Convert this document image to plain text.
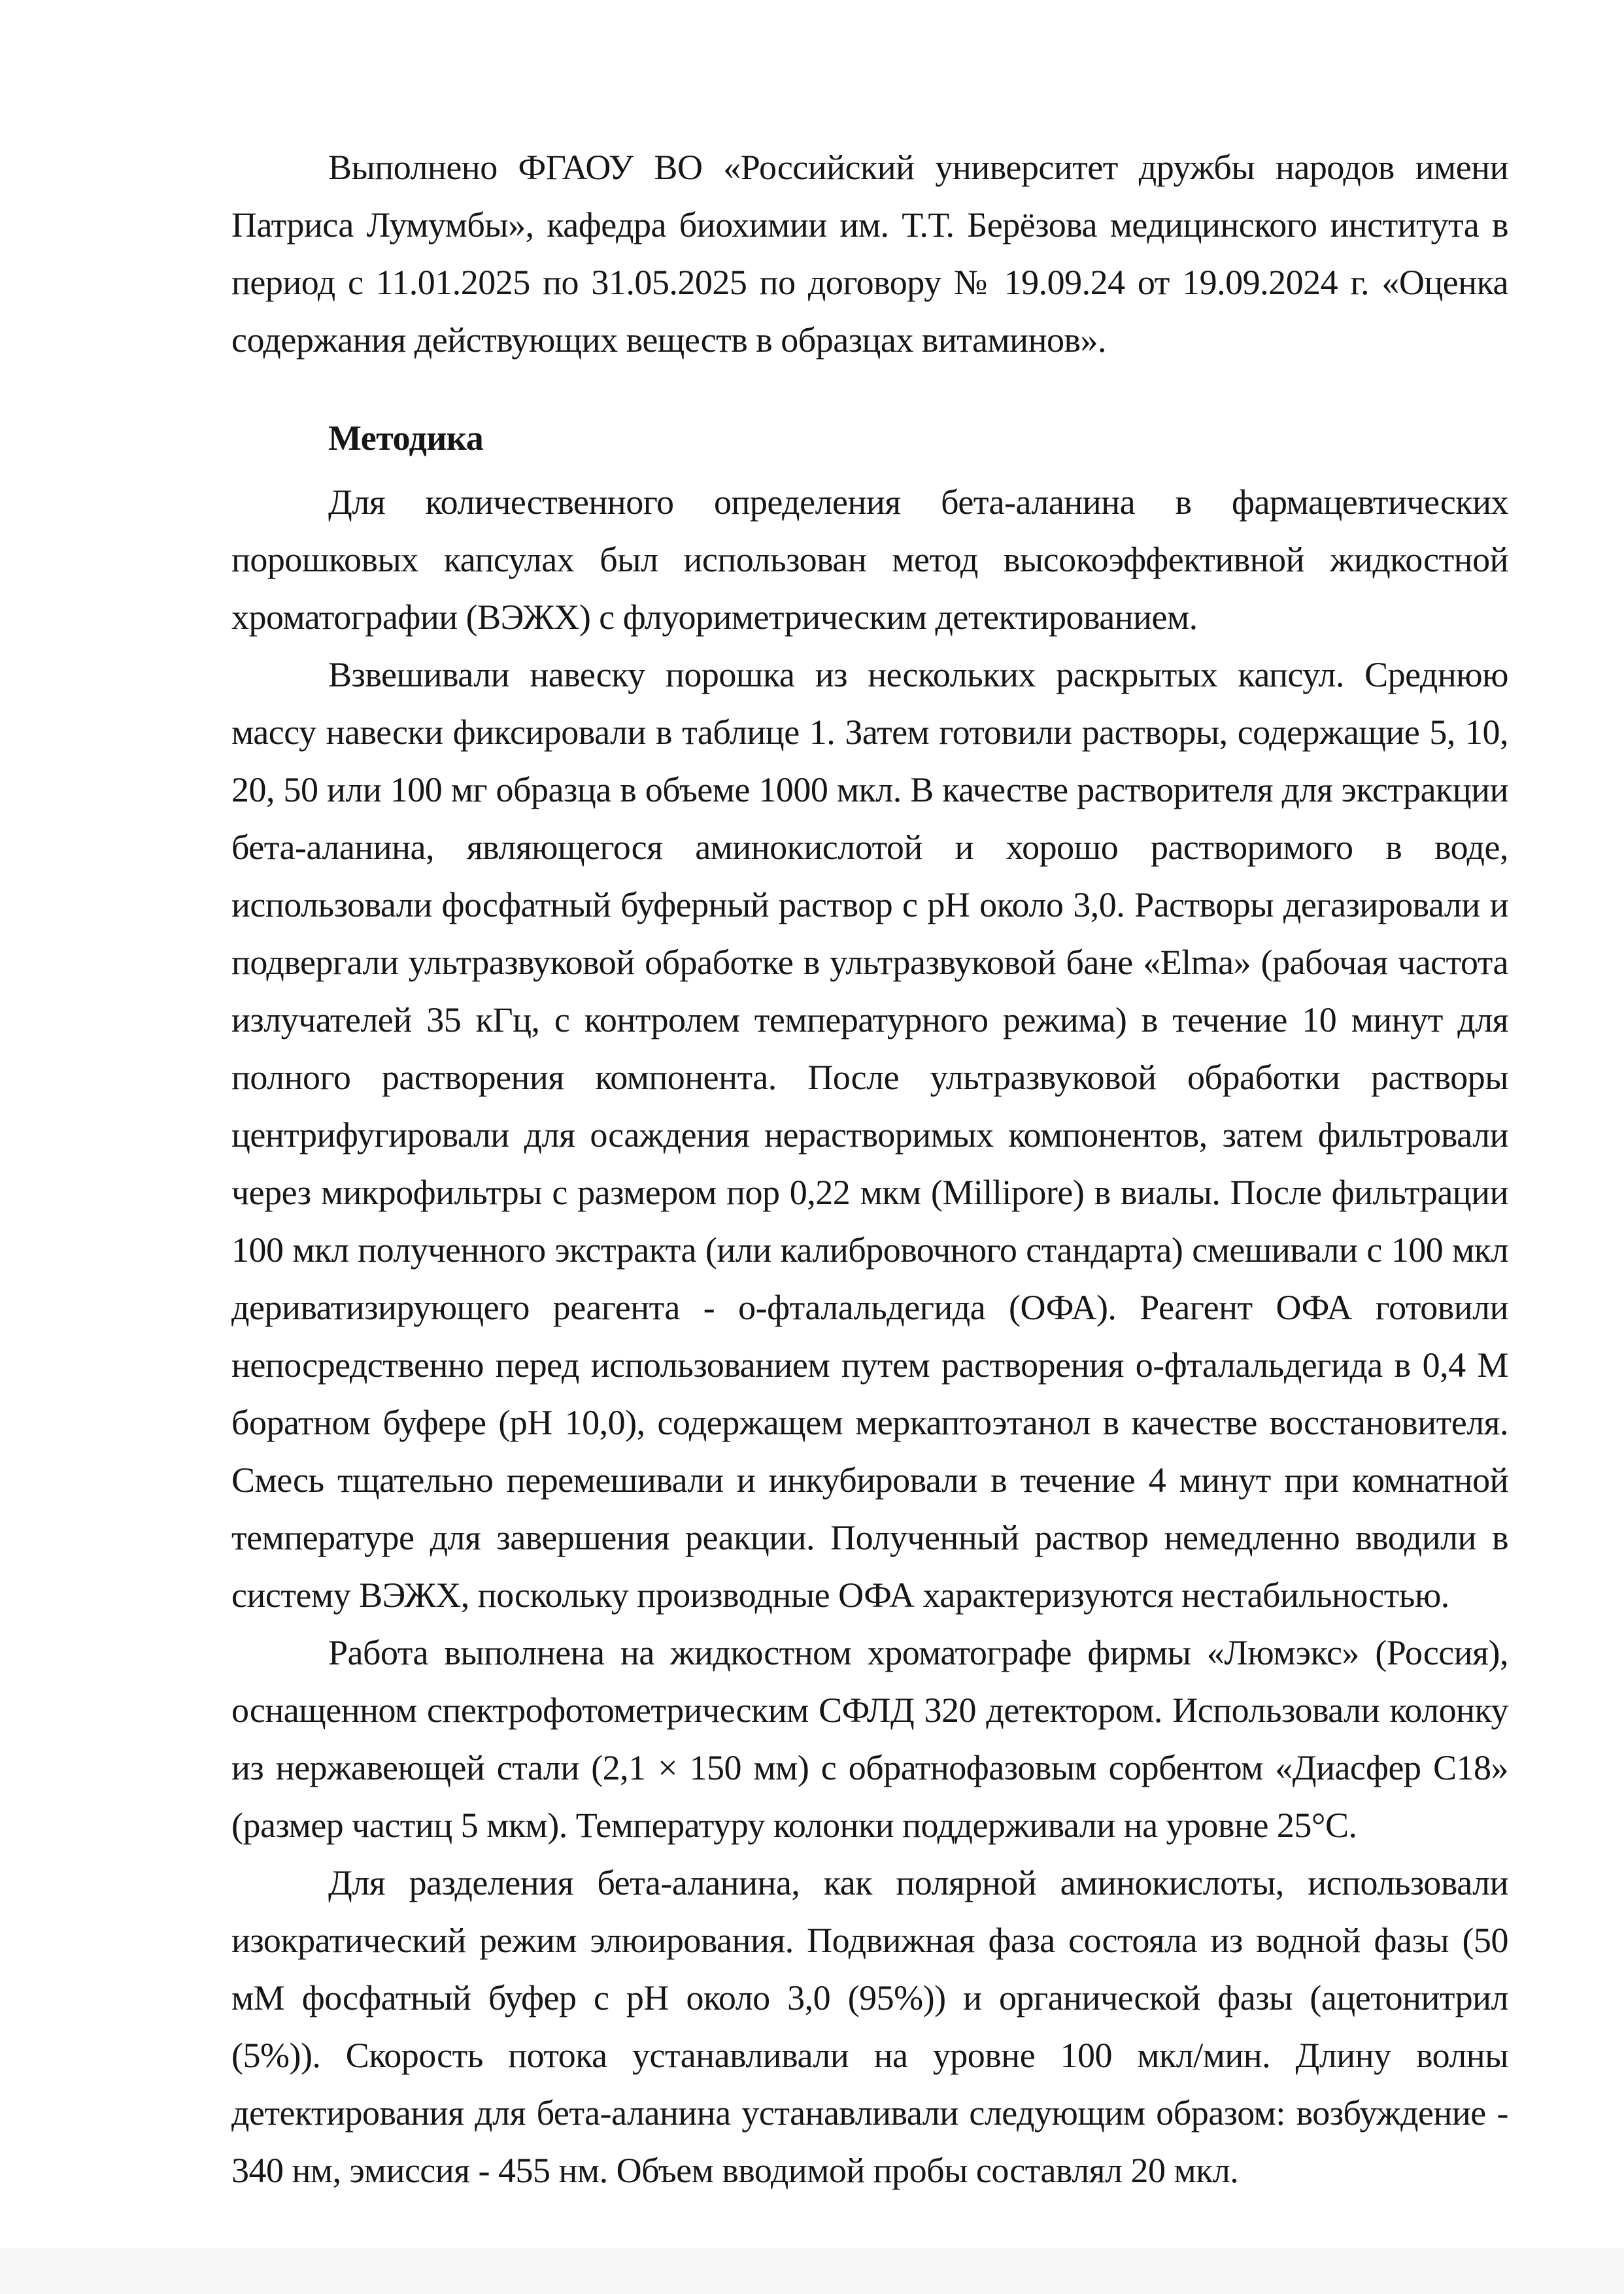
Выполнено ФГАОУ ВО «Российский университет дружбы народов имени Патриса Лумумбы», кафедра биохимии им. Т.Т. Берёзова медицинского института в период с 11.01.2025 по 31.05.2025 по договору № 19.09.24 от 19.09.2024 г. «Оценка содержания действующих веществ в образцах витаминов».

Методика

Для количественного определения бета-аланина в фармацевтических порошковых капсулах был использован метод высокоэффективной жидкостной хроматографии (ВЭЖХ) с флуориметрическим детектированием.

Взвешивали навеску порошка из нескольких раскрытых капсул. Среднюю массу навески фиксировали в таблице 1. Затем готовили растворы, содержащие 5, 10, 20, 50 или 100 мг образца в объеме 1000 мкл. В качестве растворителя для экстракции бета-аланина, являющегося аминокислотой и хорошо растворимого в воде, использовали фосфатный буферный раствор с рН около 3,0. Растворы дегазировали и подвергали ультразвуковой обработке в ультразвуковой бане «Elma» (рабочая частота излучателей 35 кГц, с контролем температурного режима) в течение 10 минут для полного растворения компонента. После ультразвуковой обработки растворы центрифугировали для осаждения нерастворимых компонентов, затем фильтровали через микрофильтры с размером пор 0,22 мкм (Millipore) в виалы. После фильтрации 100 мкл полученного экстракта (или калибровочного стандарта) смешивали с 100 мкл дериватизирующего реагента - о-фталальдегида (ОФА). Реагент ОФА готовили непосредственно перед использованием путем растворения о-фталальдегида в 0,4 М боратном буфере (рН 10,0), содержащем меркаптоэтанол в качестве восстановителя. Смесь тщательно перемешивали и инкубировали в течение 4 минут при комнатной температуре для завершения реакции. Полученный раствор немедленно вводили в систему ВЭЖХ, поскольку производные ОФА характеризуются нестабильностью.

Работа выполнена на жидкостном хроматографе фирмы «Люмэкс» (Россия), оснащенном спектрофотометрическим СФЛД 320 детектором. Использовали колонку из нержавеющей стали (2,1 × 150 мм) с обратнофазовым сорбентом «Диасфер С18» (размер частиц 5 мкм). Температуру колонки поддерживали на уровне 25°С.

Для разделения бета-аланина, как полярной аминокислоты, использовали изократический режим элюирования. Подвижная фаза состояла из водной фазы (50 мМ фосфатный буфер с рН около 3,0 (95%)) и органической фазы (ацетонитрил (5%)). Скорость потока устанавливали на уровне 100 мкл/мин. Длину волны детектирования для бета-аланина устанавливали следующим образом: возбуждение - 340 нм, эмиссия - 455 нм. Объем вводимой пробы составлял 20 мкл.
